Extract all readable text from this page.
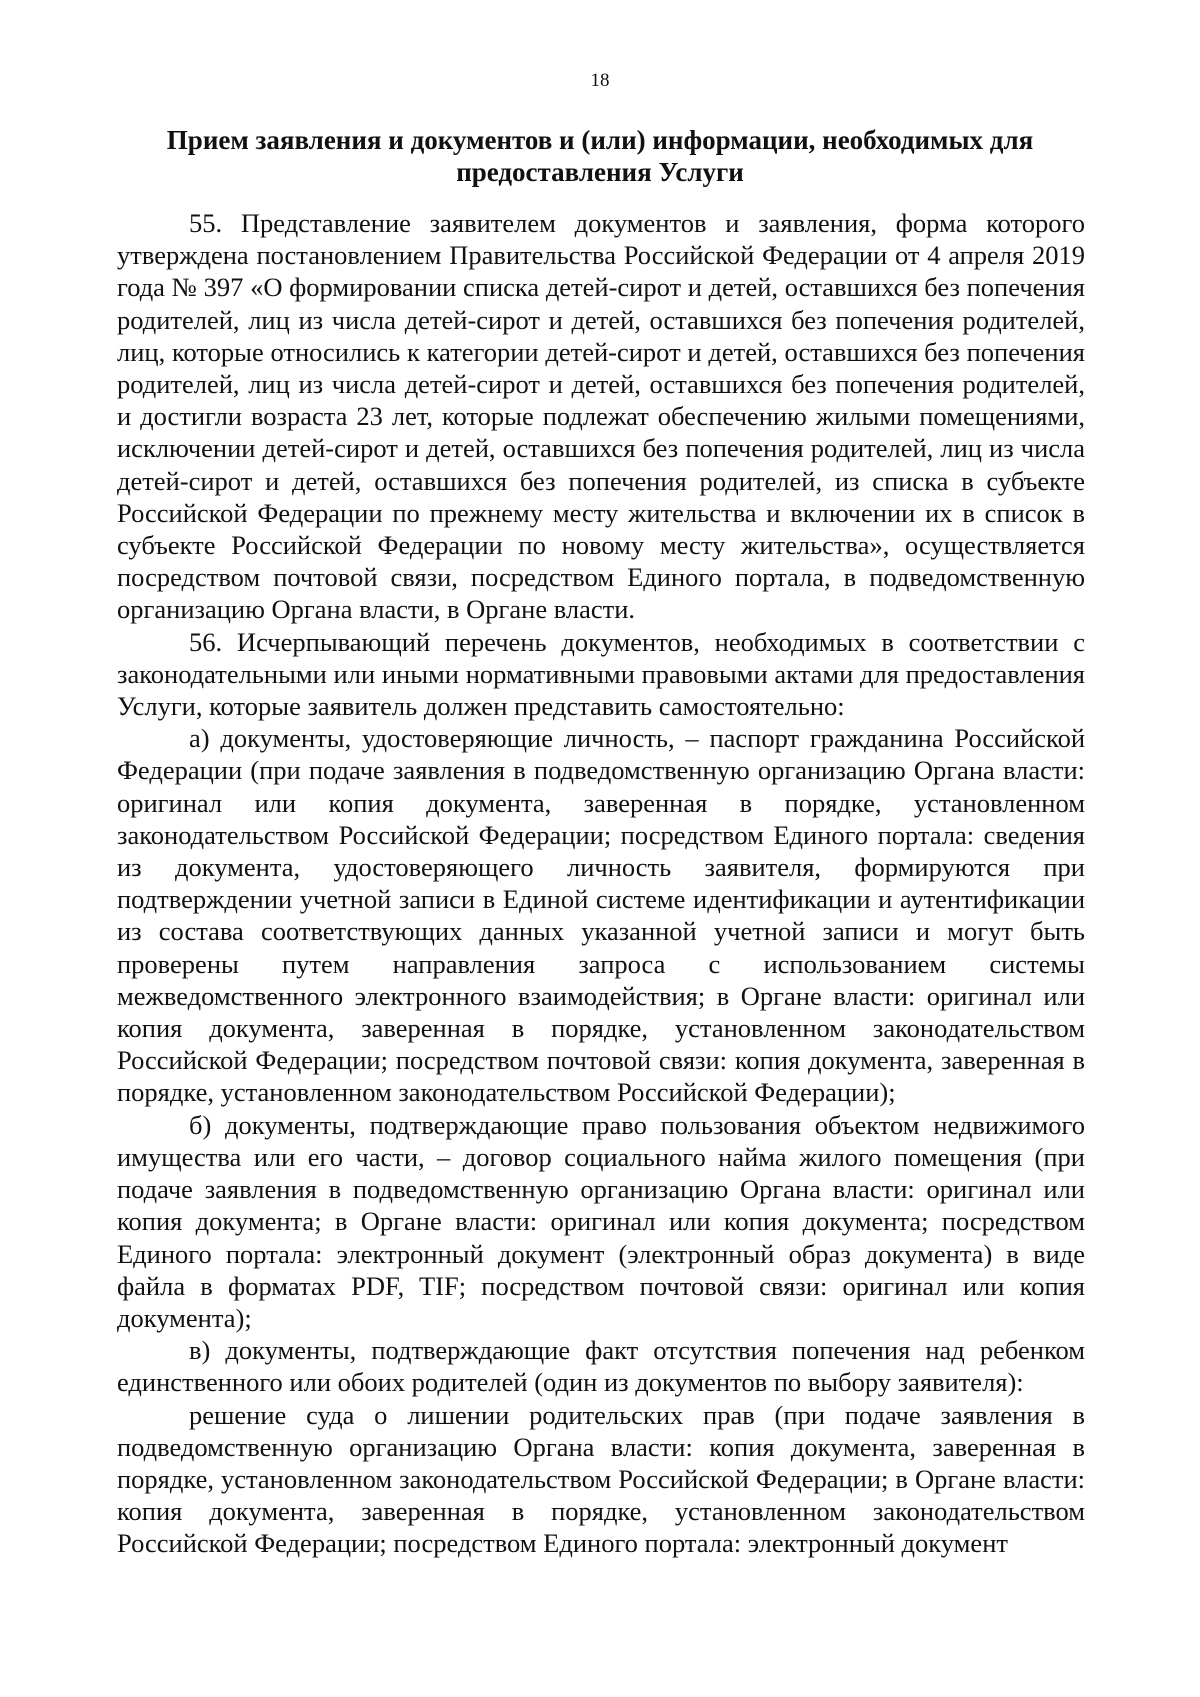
18
Прием заявления и документов и (или) информации, необходимых для предоставления Услуги

55. Представление заявителем документов и заявления, форма которого утверждена постановлением Правительства Российской Федерации от 4 апреля 2019 года № 397 «О формировании списка детей-сирот и детей, оставшихся без попечения родителей, лиц из числа детей-сирот и детей, оставшихся без попечения родителей, лиц, которые относились к категории детей-сирот и детей, оставшихся без попечения родителей, лиц из числа детей-сирот и детей, оставшихся без попечения родителей, и достигли возраста 23 лет, которые подлежат обеспечению жилыми помещениями, исключении детей-сирот и детей, оставшихся без попечения родителей, лиц из числа детей-сирот и детей, оставшихся без попечения родителей, из списка в субъекте Российской Федерации по прежнему месту жительства и включении их в список в субъекте Российской Федерации по новому месту жительства», осуществляется посредством почтовой связи, посредством Единого портала, в подведомственную организацию Органа власти, в Органе власти.

56. Исчерпывающий перечень документов, необходимых в соответствии с законодательными или иными нормативными правовыми актами для предоставления Услуги, которые заявитель должен представить самостоятельно:

а) документы, удостоверяющие личность, – паспорт гражданина Российской Федерации (при подаче заявления в подведомственную организацию Органа власти: оригинал или копия документа, заверенная в порядке, установленном законодательством Российской Федерации; посредством Единого портала: сведения из документа, удостоверяющего личность заявителя, формируются при подтверждении учетной записи в Единой системе идентификации и аутентификации из состава соответствующих данных указанной учетной записи и могут быть проверены путем направления запроса с использованием системы межведомственного электронного взаимодействия; в Органе власти: оригинал или копия документа, заверенная в порядке, установленном законодательством Российской Федерации; посредством почтовой связи: копия документа, заверенная в порядке, установленном законодательством Российской Федерации);

б) документы, подтверждающие право пользования объектом недвижимого имущества или его части, – договор социального найма жилого помещения (при подаче заявления в подведомственную организацию Органа власти: оригинал или копия документа; в Органе власти: оригинал или копия документа; посредством Единого портала: электронный документ (электронный образ документа) в виде файла в форматах PDF, TIF; посредством почтовой связи: оригинал или копия документа);

в) документы, подтверждающие факт отсутствия попечения над ребенком единственного или обоих родителей (один из документов по выбору заявителя):

решение суда о лишении родительских прав (при подаче заявления в подведомственную организацию Органа власти: копия документа, заверенная в порядке, установленном законодательством Российской Федерации; в Органе власти: копия документа, заверенная в порядке, установленном законодательством Российской Федерации; посредством Единого портала: электронный документ
